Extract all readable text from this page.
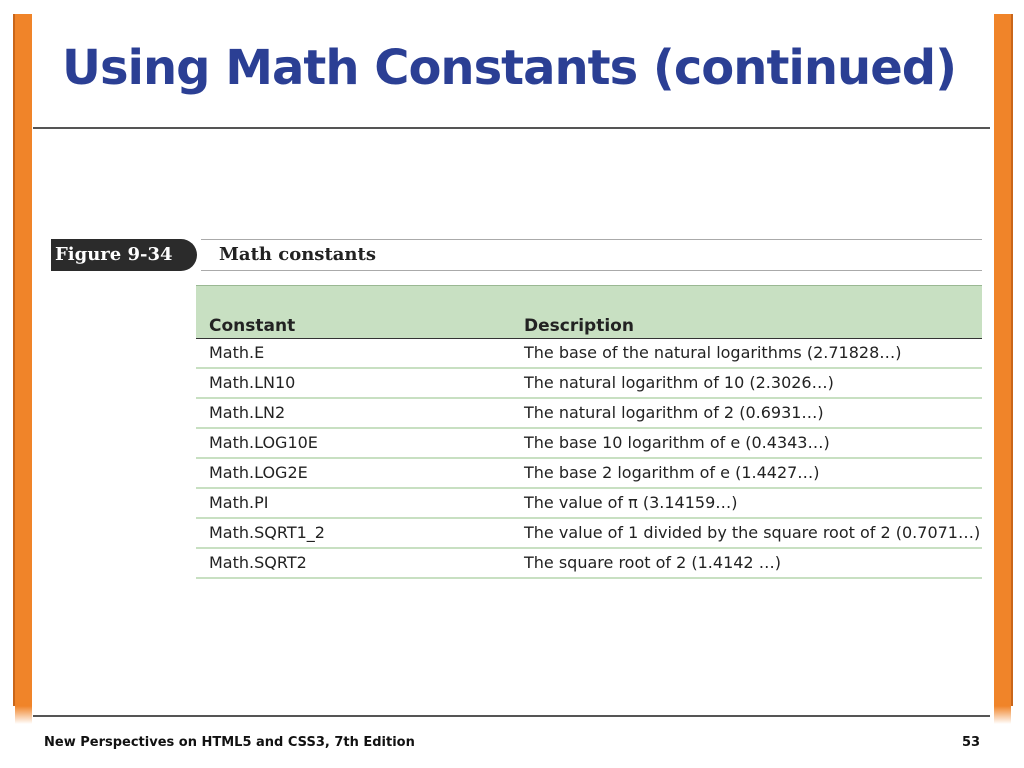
Using Math Constants (continued)
Figure 9-34	Math constants
Constant	Description
Math.E	The base of the natural logarithms (2.71828…)
Math.LN10	The natural logarithm of 10 (2.3026…)
Math.LN2	The natural logarithm of 2 (0.6931…)
Math.LOG10E	The base 10 logarithm of e (0.4343…)
Math.LOG2E	The base 2 logarithm of e (1.4427…)
Math.PI	The value of π (3.14159…)
Math.SQRT1_2	The value of 1 divided by the square root of 2 (0.7071…)
Math.SQRT2	The square root of 2 (1.4142 …)
New Perspectives on HTML5 and CSS3, 7th Edition	53
